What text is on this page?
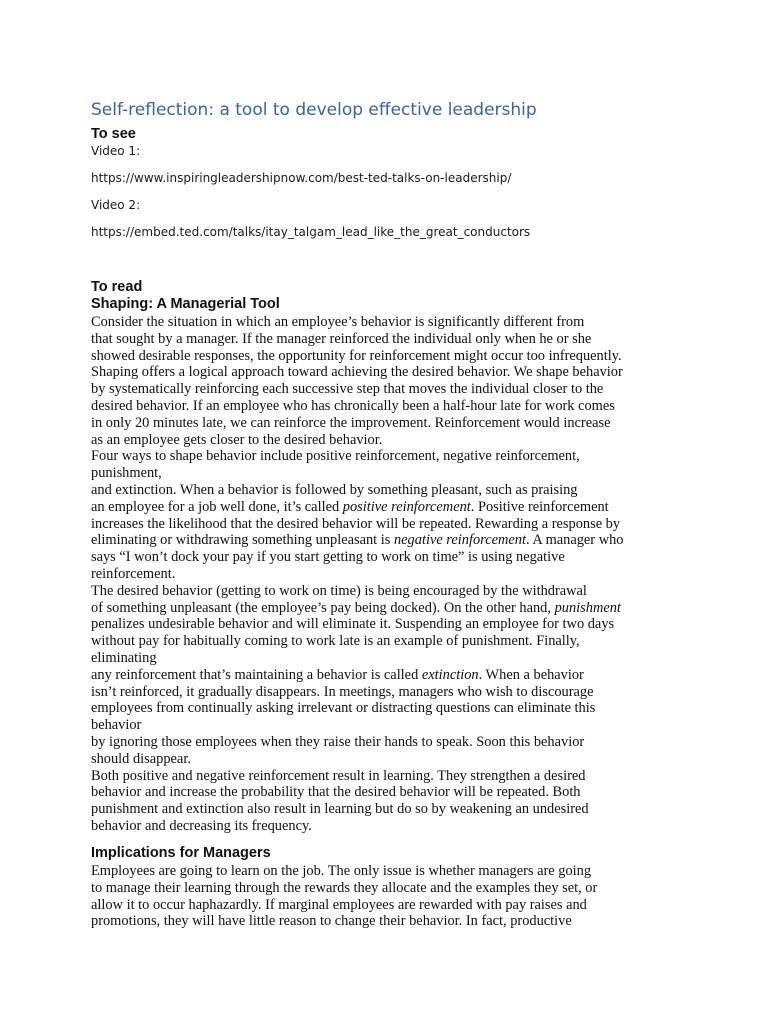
Self-reflection: a tool to develop effective leadership
To see
Video 1:
https://www.inspiringleadershipnow.com/best-ted-talks-on-leadership/
Video 2:
https://embed.ted.com/talks/itay_talgam_lead_like_the_great_conductors
To read
Shaping: A Managerial Tool
Consider the situation in which an employee’s behavior is significantly different from
that sought by a manager. If the manager reinforced the individual only when he or she
showed desirable responses, the opportunity for reinforcement might occur too infrequently.
Shaping offers a logical approach toward achieving the desired behavior. We shape behavior
by systematically reinforcing each successive step that moves the individual closer to the
desired behavior. If an employee who has chronically been a half-hour late for work comes
in only 20 minutes late, we can reinforce the improvement. Reinforcement would increase
as an employee gets closer to the desired behavior.
Four ways to shape behavior include positive reinforcement, negative reinforcement,
punishment,
and extinction. When a behavior is followed by something pleasant, such as praising
an employee for a job well done, it’s called positive reinforcement. Positive reinforcement
increases the likelihood that the desired behavior will be repeated. Rewarding a response by
eliminating or withdrawing something unpleasant is negative reinforcement. A manager who
says “I won’t dock your pay if you start getting to work on time” is using negative
reinforcement.
The desired behavior (getting to work on time) is being encouraged by the withdrawal
of something unpleasant (the employee’s pay being docked). On the other hand, punishment
penalizes undesirable behavior and will eliminate it. Suspending an employee for two days
without pay for habitually coming to work late is an example of punishment. Finally,
eliminating
any reinforcement that’s maintaining a behavior is called extinction. When a behavior
isn’t reinforced, it gradually disappears. In meetings, managers who wish to discourage
employees from continually asking irrelevant or distracting questions can eliminate this
behavior
by ignoring those employees when they raise their hands to speak. Soon this behavior
should disappear.
Both positive and negative reinforcement result in learning. They strengthen a desired
behavior and increase the probability that the desired behavior will be repeated. Both
punishment and extinction also result in learning but do so by weakening an undesired
behavior and decreasing its frequency.
Implications for Managers
Employees are going to learn on the job. The only issue is whether managers are going
to manage their learning through the rewards they allocate and the examples they set, or
allow it to occur haphazardly. If marginal employees are rewarded with pay raises and
promotions, they will have little reason to change their behavior. In fact, productive
